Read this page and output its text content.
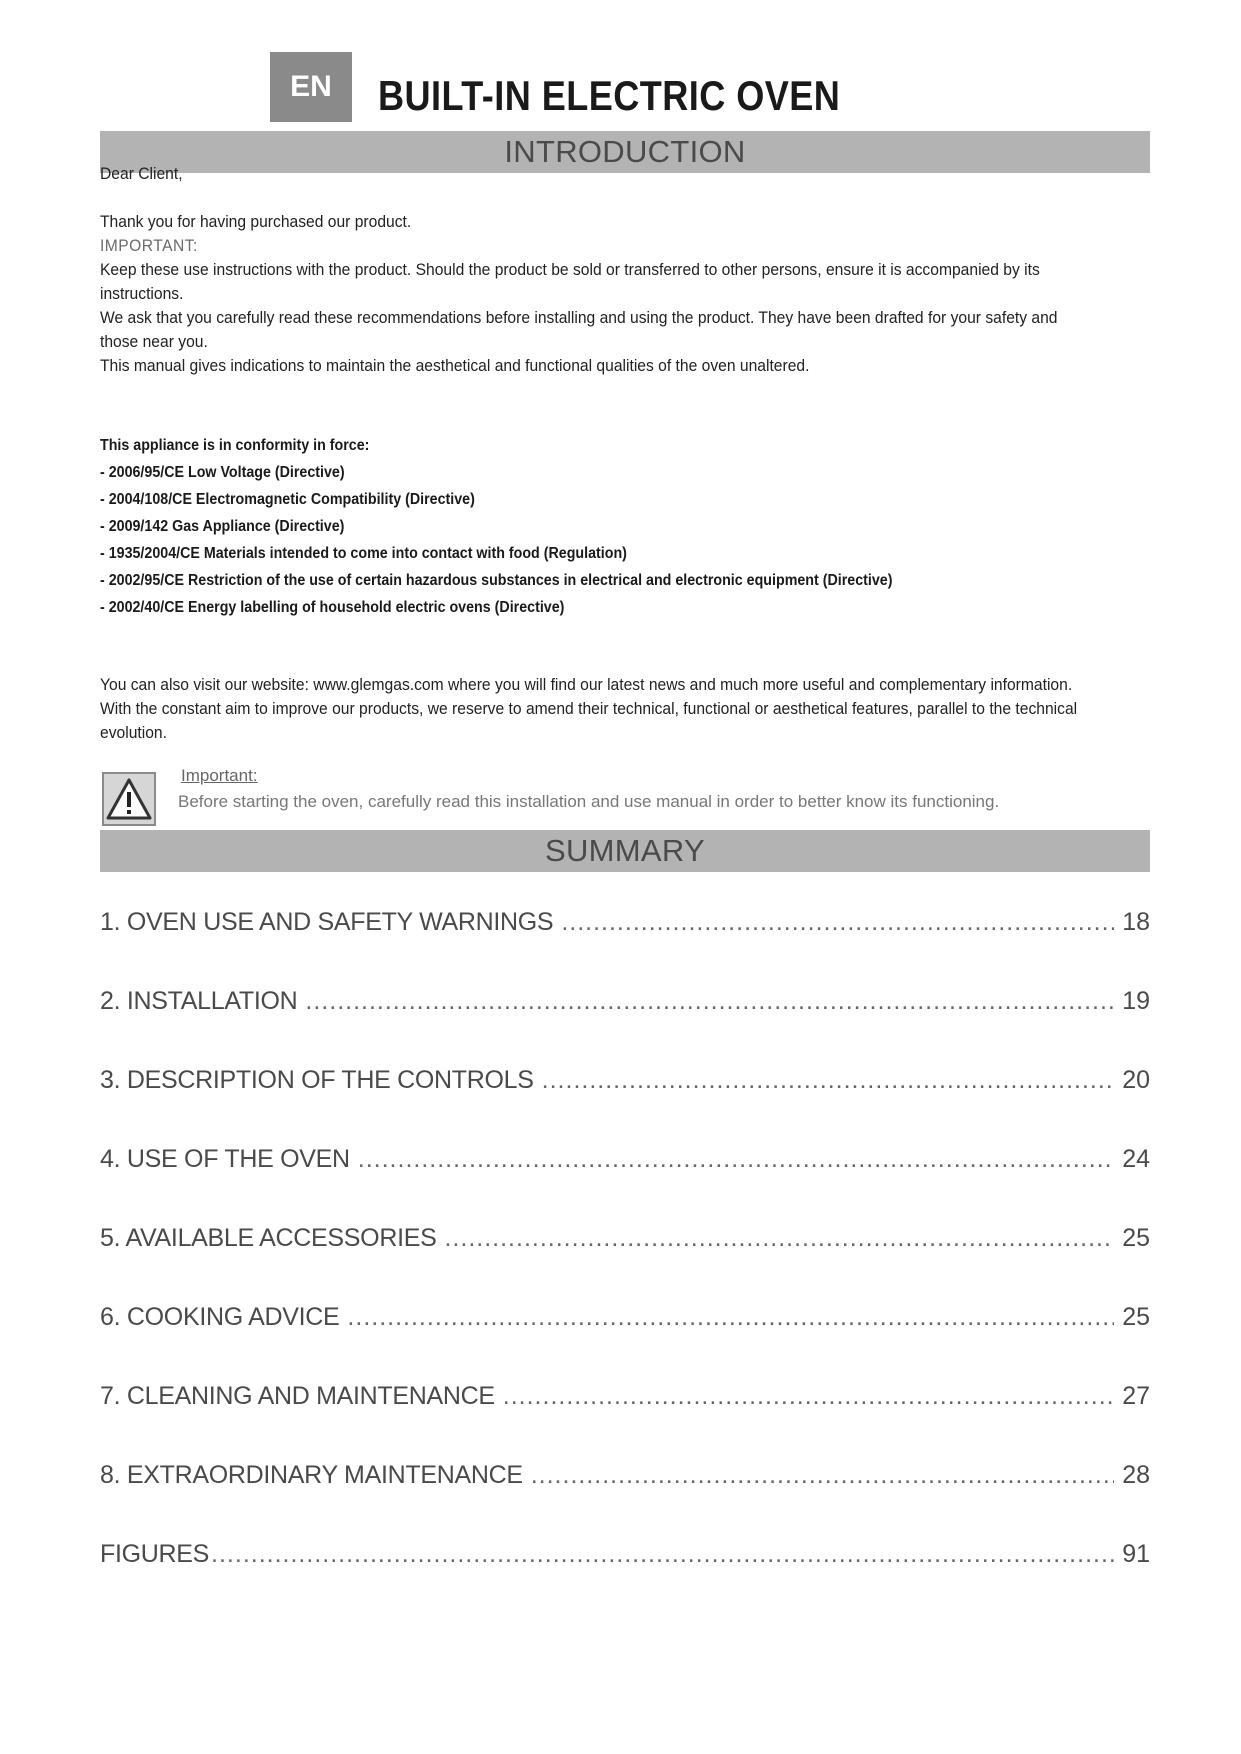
EN	BUILT-IN ELECTRIC OVEN
INTRODUCTION

Dear Client,

Thank you for having purchased our product.

IMPORTANT:

Keep these use instructions with the product. Should the product be sold or transferred to other persons, ensure it is accompanied by its instructions.

We ask that you carefully read these recommendations before installing and using the product. They have been drafted for your safety and those near you.

This manual gives indications to maintain the aesthetical and functional qualities of the oven unaltered.

This appliance is in conformity in force:
- 2006/95/CE Low Voltage (Directive)
- 2004/108/CE Electromagnetic Compatibility (Directive)
- 2009/142 Gas Appliance (Directive)
- 1935/2004/CE Materials intended to come into contact with food (Regulation)
- 2002/95/CE Restriction of the use of certain hazardous substances in electrical and electronic equipment (Directive)
- 2002/40/CE Energy labelling of household electric ovens (Directive)

You can also visit our website: www.glemgas.com where you will find our latest news and much more useful and complementary information.

With the constant aim to improve our products, we reserve to amend their technical, functional or aesthetical features, parallel to the technical evolution.

Important:
Before starting the oven, carefully read this installation and use manual in order to better know its functioning.
SUMMARY
1. OVEN USE AND SAFETY WARNINGS .....	18
2. INSTALLATION .....	19
3. DESCRIPTION OF THE CONTROLS .....	20
4. USE OF THE OVEN .....	24
5. AVAILABLE ACCESSORIES .....	25
6. COOKING ADVICE .....	25
7. CLEANING AND MAINTENANCE .....	27
8. EXTRAORDINARY MAINTENANCE .....	28
FIGURES .....	91
